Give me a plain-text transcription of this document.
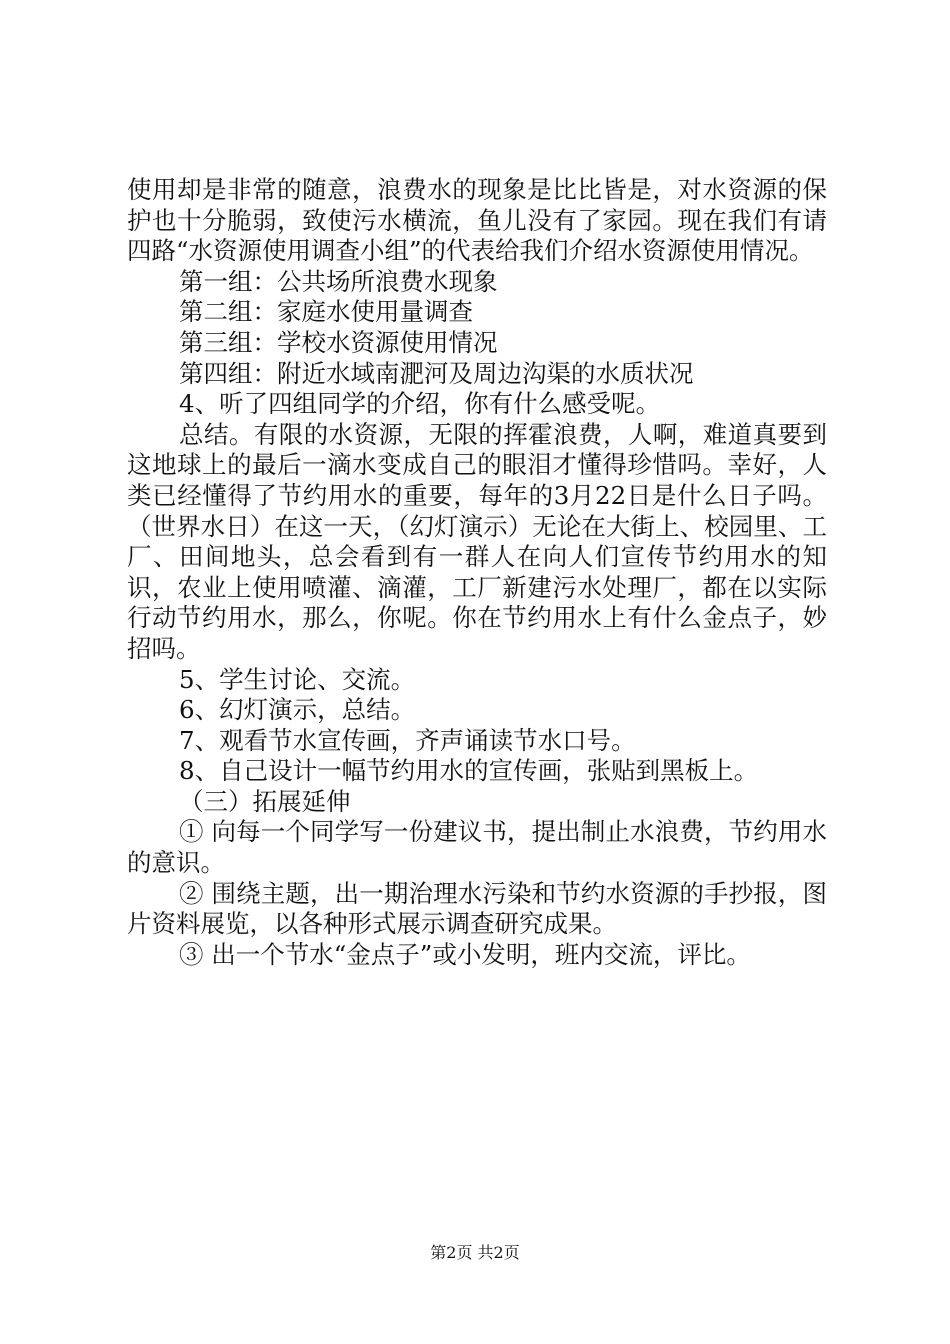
使用却是非常的随意，浪费水的现象是比比皆是，对水资源的保护也十分脆弱，致使污水横流，鱼儿没有了家园。现在我们有请四路“水资源使用调查小组”的代表给我们介绍水资源使用情况。

第一组：公共场所浪费水现象

第二组：家庭水使用量调查

第三组：学校水资源使用情况

第四组：附近水域南淝河及周边沟渠的水质状况

4、听了四组同学的介绍，你有什么感受呢。

总结。有限的水资源，无限的挥霍浪费，人啊，难道真要到这地球上的最后一滴水变成自己的眼泪才懂得珍惜吗。幸好，人类已经懂得了节约用水的重要，每年的3月22日是什么日子吗。（世界水日）在这一天，（幻灯演示）无论在大街上、校园里、工厂、田间地头，总会看到有一群人在向人们宣传节约用水的知识，农业上使用喷灌、滴灌，工厂新建污水处理厂，都在以实际行动节约用水，那么，你呢。你在节约用水上有什么金点子，妙招吗。

5、学生讨论、交流。

6、幻灯演示，总结。

7、观看节水宣传画，齐声诵读节水口号。

8、自己设计一幅节约用水的宣传画，张贴到黑板上。

（三）拓展延伸

① 向每一个同学写一份建议书，提出制止水浪费，节约用水的意识。

② 围绕主题，出一期治理水污染和节约水资源的手抄报，图片资料展览，以各种形式展示调查研究成果。

③ 出一个节水“金点子”或小发明，班内交流，评比。

第2页 共2页
